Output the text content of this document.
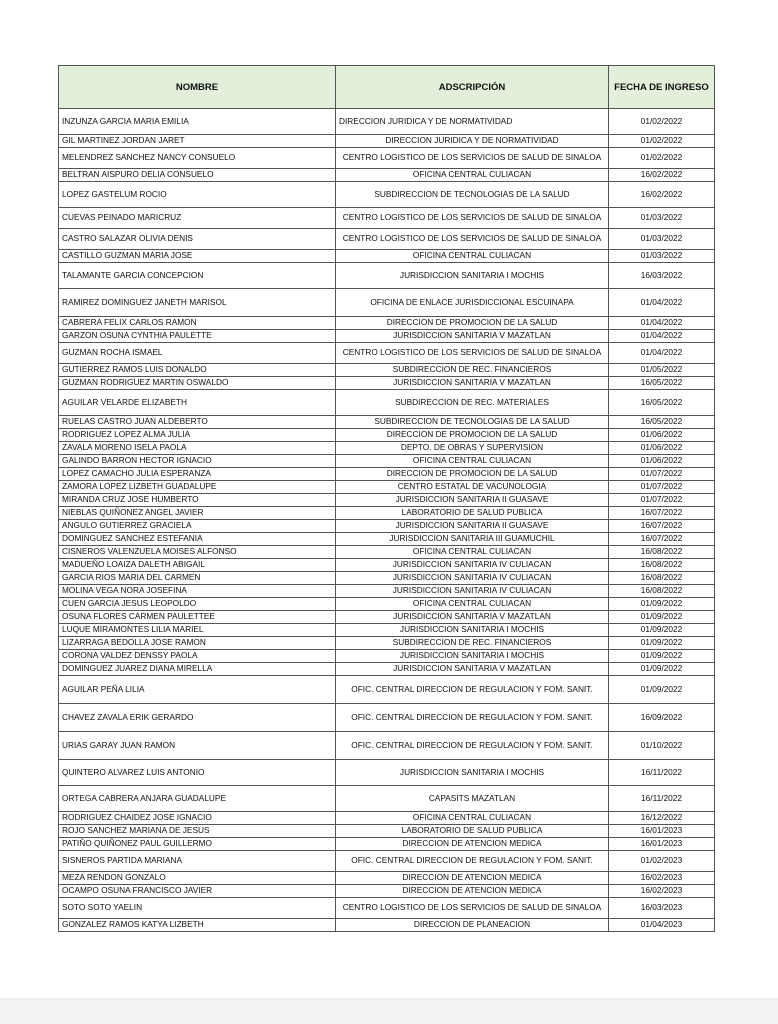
NOMBRE	ADSCRIPCIÓN	FECHA DE INGRESO
INZUNZA GARCIA MARIA EMILIA	DIRECCION JURIDICA Y DE NORMATIVIDAD	01/02/2022
GIL MARTINEZ JORDAN JARET	DIRECCION JURIDICA Y DE NORMATIVIDAD	01/02/2022
MELENDREZ SANCHEZ NANCY CONSUELO	CENTRO LOGISTICO DE LOS SERVICIOS DE SALUD DE SINALOA	01/02/2022
BELTRAN AISPURO DELIA CONSUELO	OFICINA CENTRAL CULIACAN	16/02/2022
LOPEZ GASTELUM ROCIO	SUBDIRECCION DE TECNOLOGIAS DE LA SALUD	16/02/2022
CUEVAS PEINADO MARICRUZ	CENTRO LOGISTICO DE LOS SERVICIOS DE SALUD DE SINALOA	01/03/2022
CASTRO SALAZAR OLIVIA DENIS	CENTRO LOGISTICO DE LOS SERVICIOS DE SALUD DE SINALOA	01/03/2022
CASTILLO GUZMAN MARIA JOSE	OFICINA CENTRAL CULIACAN	01/03/2022
TALAMANTE GARCIA CONCEPCION	JURISDICCION SANITARIA I MOCHIS	16/03/2022
RAMIREZ DOMINGUEZ JANETH MARISOL	OFICINA DE ENLACE JURISDICCIONAL ESCUINAPA	01/04/2022
CABRERA FELIX CARLOS RAMON	DIRECCION DE PROMOCION DE LA SALUD	01/04/2022
GARZON OSUNA CYNTHIA PAULETTE	JURISDICCION SANITARIA V MAZATLAN	01/04/2022
GUZMAN ROCHA ISMAEL	CENTRO LOGISTICO DE LOS SERVICIOS DE SALUD DE SINALOA	01/04/2022
GUTIERREZ RAMOS LUIS DONALDO	SUBDIRECCION DE REC. FINANCIEROS	01/05/2022
GUZMAN RODRIGUEZ MARTIN OSWALDO	JURISDICCION SANITARIA V MAZATLAN	16/05/2022
AGUILAR VELARDE ELIZABETH	SUBDIRECCION DE REC. MATERIALES	16/05/2022
RUELAS CASTRO JUAN ALDEBERTO	SUBDIRECCION DE TECNOLOGIAS DE LA SALUD	16/05/2022
RODRIGUEZ LOPEZ ALMA JULIA	DIRECCION DE PROMOCION DE LA SALUD	01/06/2022
ZAVALA MORENO ISELA PAOLA	DEPTO. DE OBRAS Y SUPERVISION	01/06/2022
GALINDO BARRON HECTOR IGNACIO	OFICINA CENTRAL CULIACAN	01/06/2022
LOPEZ CAMACHO JULIA ESPERANZA	DIRECCION DE PROMOCION DE LA SALUD	01/07/2022
ZAMORA LOPEZ LIZBETH GUADALUPE	CENTRO ESTATAL DE VACUNOLOGIA	01/07/2022
MIRANDA CRUZ JOSE HUMBERTO	JURISDICCION SANITARIA II GUASAVE	01/07/2022
NIEBLAS QUIÑONEZ ANGEL JAVIER	LABORATORIO DE SALUD PUBLICA	16/07/2022
ANGULO GUTIERREZ GRACIELA	JURISDICCION SANITARIA II GUASAVE	16/07/2022
DOMINGUEZ SANCHEZ ESTEFANIA	JURISDICCION SANITARIA III GUAMUCHIL	16/07/2022
CISNEROS VALENZUELA MOISES ALFONSO	OFICINA CENTRAL CULIACAN	16/08/2022
MADUEÑO LOAIZA DALETH ABIGAIL	JURISDICCION SANITARIA IV CULIACAN	16/08/2022
GARCIA RIOS MARIA DEL CARMEN	JURISDICCION SANITARIA IV CULIACAN	16/08/2022
MOLINA VEGA NORA JOSEFINA	JURISDICCION SANITARIA IV CULIACAN	16/08/2022
CUEN GARCIA JESUS LEOPOLDO	OFICINA CENTRAL CULIACAN	01/09/2022
OSUNA FLORES CARMEN PAULETTEE	JURISDICCION SANITARIA V MAZATLAN	01/09/2022
LUQUE MIRAMONTES LILIA MARIEL	JURISDICCION SANITARIA I MOCHIS	01/09/2022
LIZARRAGA BEDOLLA JOSE RAMON	SUBDIRECCION DE REC. FINANCIEROS	01/09/2022
CORONA VALDEZ DENSSY PAOLA	JURISDICCION SANITARIA I MOCHIS	01/09/2022
DOMINGUEZ JUAREZ DIANA MIRELLA	JURISDICCION SANITARIA V MAZATLAN	01/09/2022
AGUILAR PEÑA LILIA	OFIC. CENTRAL DIRECCION DE REGULACION Y FOM. SANIT.	01/09/2022
CHAVEZ ZAVALA ERIK GERARDO	OFIC. CENTRAL DIRECCION DE REGULACION Y FOM. SANIT.	16/09/2022
URIAS GARAY JUAN RAMON	OFIC. CENTRAL DIRECCION DE REGULACION Y FOM. SANIT.	01/10/2022
QUINTERO ALVAREZ LUIS ANTONIO	JURISDICCION SANITARIA I MOCHIS	16/11/2022
ORTEGA CABRERA ANJARA GUADALUPE	CAPASITS MAZATLAN	16/11/2022
RODRIGUEZ CHAIDEZ JOSE IGNACIO	OFICINA CENTRAL CULIACAN	16/12/2022
ROJO SANCHEZ MARIANA DE JESUS	LABORATORIO DE SALUD PUBLICA	16/01/2023
PATIÑO QUIÑONEZ PAUL GUILLERMO	DIRECCION DE ATENCION MEDICA	16/01/2023
SISNEROS PARTIDA MARIANA	OFIC. CENTRAL DIRECCION DE REGULACION Y FOM. SANIT.	01/02/2023
MEZA RENDON GONZALO	DIRECCION DE ATENCION MEDICA	16/02/2023
OCAMPO OSUNA FRANCISCO JAVIER	DIRECCION DE ATENCION MEDICA	16/02/2023
SOTO SOTO YAELIN	CENTRO LOGISTICO DE LOS SERVICIOS DE SALUD DE SINALOA	16/03/2023
GONZALEZ RAMOS KATYA LIZBETH	DIRECCION DE PLANEACION	01/04/2023
